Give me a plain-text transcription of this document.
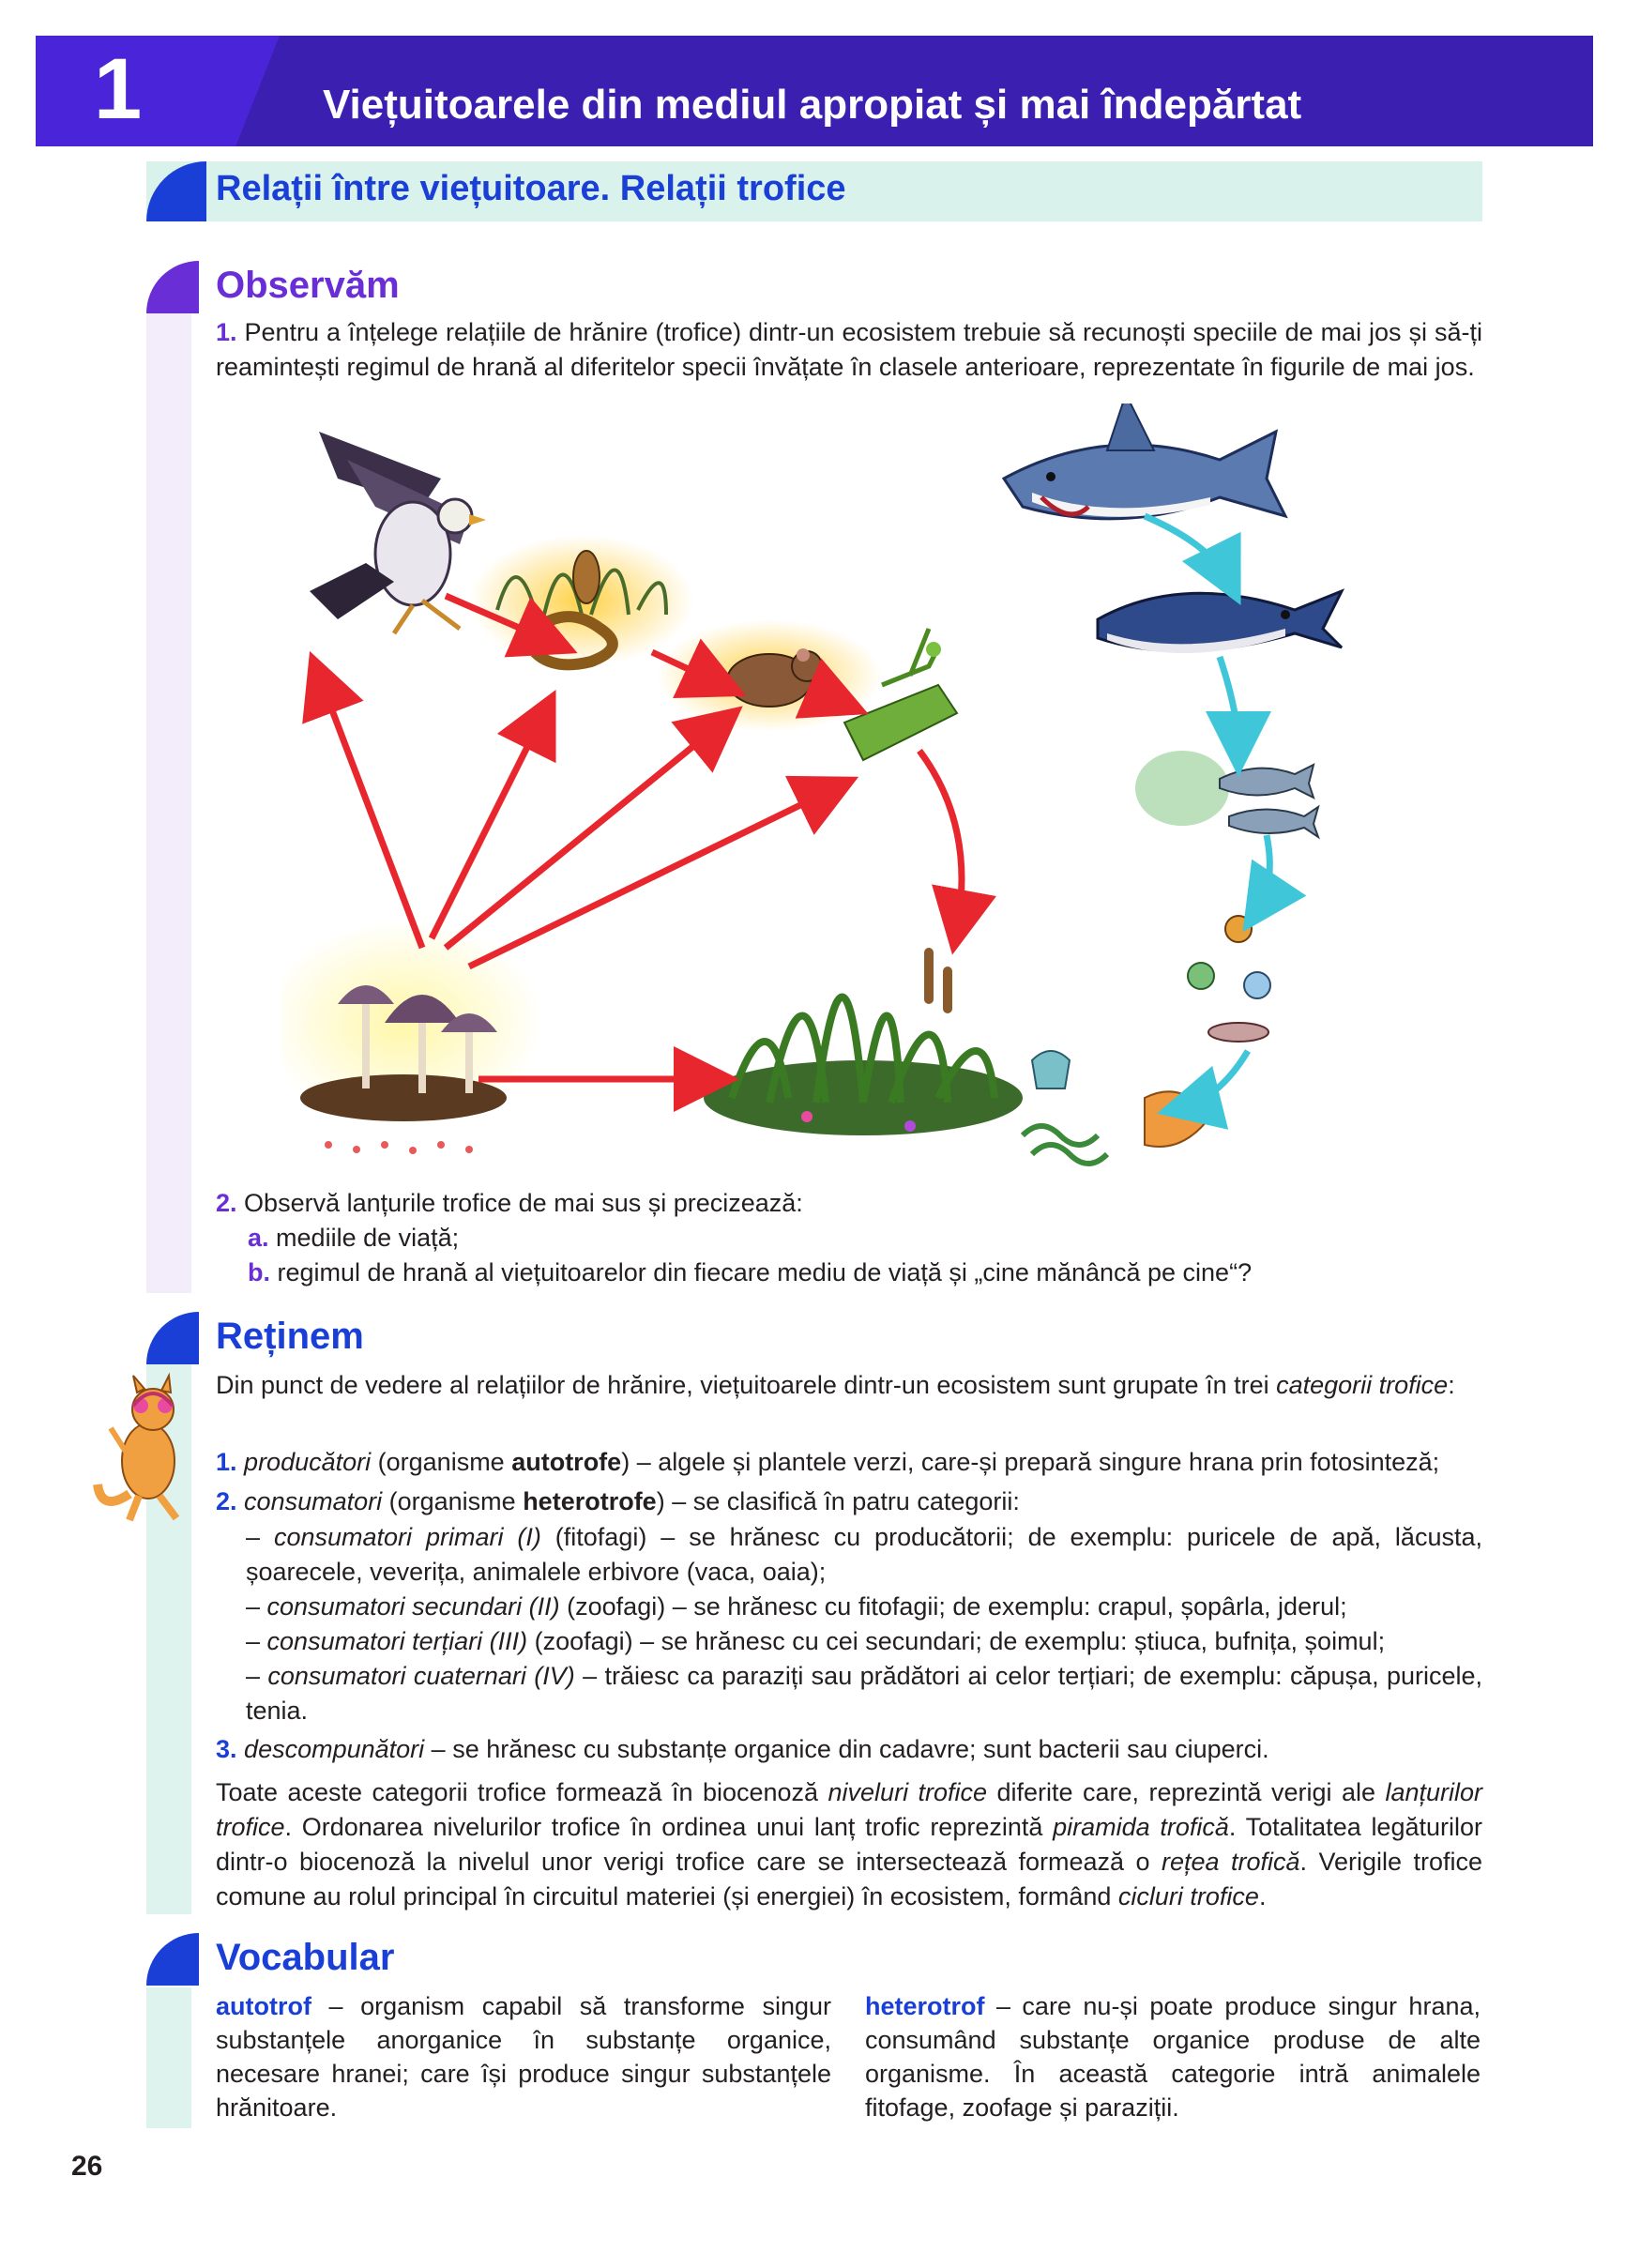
1	Viețuitoarele din mediul apropiat și mai îndepărtat
Relații între viețuitoare. Relații trofice
Observăm
1. Pentru a înțelege relațiile de hrănire (trofice) dintr-un ecosistem trebuie să recunoști speciile de mai jos și să-ți reamintești regimul de hrană al diferitelor specii învățate în clasele anterioare, reprezentate în figurile de mai jos.
2. Observă lanțurile trofice de mai sus și precizează:
a. mediile de viață;
b. regimul de hrană al viețuitoarelor din fiecare mediu de viață și „cine mănâncă pe cine“?
Reținem
Din punct de vedere al relațiilor de hrănire, viețuitoarele dintr-un ecosistem sunt grupate în trei categorii trofice:
1. producători (organisme autotrofe) – algele și plantele verzi, care-și prepară singure hrana prin fotosinteză;
2. consumatori (organisme heterotrofe) – se clasifică în patru categorii:
– consumatori primari (I) (fitofagi) – se hrănesc cu producătorii; de exemplu: puricele de apă, lăcusta, șoarecele, veverița, animalele erbivore (vaca, oaia);
– consumatori secundari (II) (zoofagi) – se hrănesc cu fitofagii; de exemplu: crapul, șopârla, jderul;
– consumatori terțiari (III) (zoofagi) – se hrănesc cu cei secundari; de exemplu: știuca, bufnița, șoimul;
– consumatori cuaternari (IV) – trăiesc ca paraziți sau prădători ai celor terțiari; de exemplu: căpușa, puricele, tenia.
3. descompunători – se hrănesc cu substanțe organice din cadavre; sunt bacterii sau ciuperci.
Toate aceste categorii trofice formează în biocenoză niveluri trofice diferite care, reprezintă verigi ale lanțurilor trofice. Ordonarea nivelurilor trofice în ordinea unui lanț trofic reprezintă piramida trofică. Totalitatea legăturilor dintr-o biocenoză la nivelul unor verigi trofice care se intersectează formează o rețea trofică. Verigile trofice comune au rolul principal în circuitul materiei (și energiei) în ecosistem, formând cicluri trofice.
Vocabular
autotrof – organism capabil să transforme singur substanțele anorganice în substanțe organice, necesare hranei; care își produce singur substanțele hrănitoare.
heterotrof – care nu-și poate produce singur hrana, consumând substanțe organice produse de alte organisme. În această categorie intră animalele fitofage, zoofage și paraziții.
26
